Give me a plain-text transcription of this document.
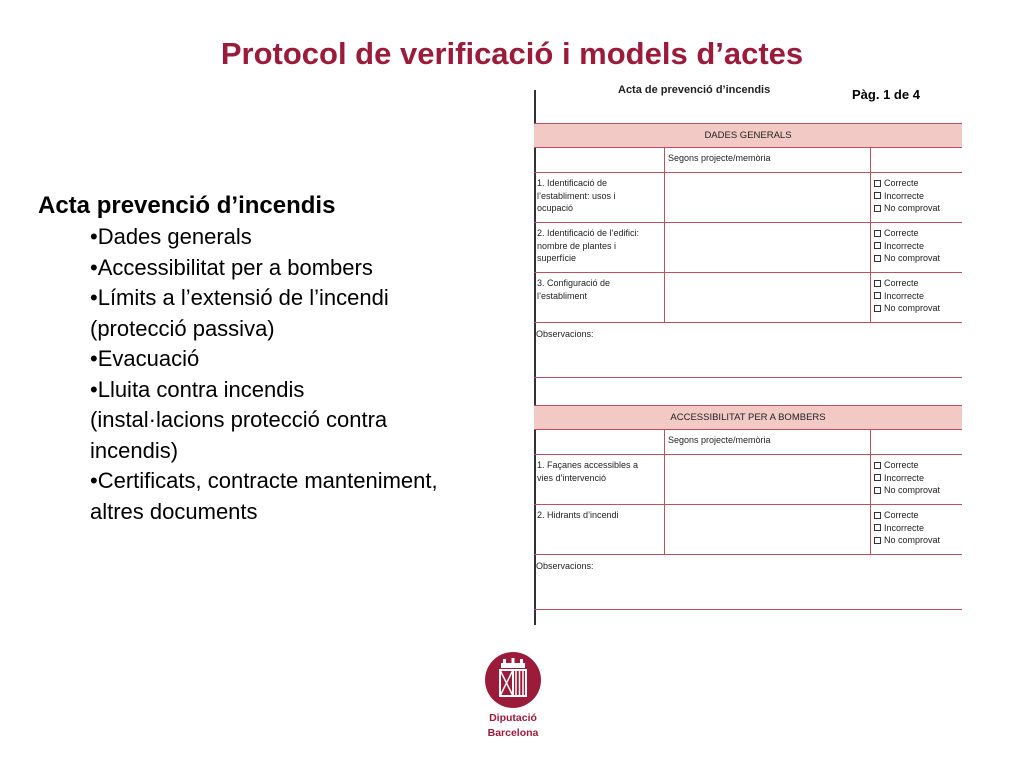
Protocol de verificació i models d’actes
Acta prevenció d’incendis
•Dades generals
•Accessibilitat per a bombers
•Límits a l’extensió de l’incendi
(protecció passiva)
•Evacuació
•Lluita contra incendis
(instal·lacions protecció contra
incendis)
•Certificats, contracte manteniment,
altres documents
Acta de prevenció d’incendis	Pàg. 1 de 4
DADES GENERALS
Segons projecte/memòria
1. Identificació de
l’establiment: usos i
ocupació
Correcte
Incorrecte
No comprovat
2. Identificació de l’edifici:
nombre de plantes i
superfície
Correcte
Incorrecte
No comprovat
3. Configuració de
l’establiment
Correcte
Incorrecte
No comprovat
Observacions:
ACCESSIBILITAT PER A BOMBERS
Segons projecte/memòria
1. Façanes accessibles a
vies d’intervenció
Correcte
Incorrecte
No comprovat
2. Hidrants d’incendi	Correcte
Incorrecte
No comprovat
Observacions:
Diputació
Barcelona
